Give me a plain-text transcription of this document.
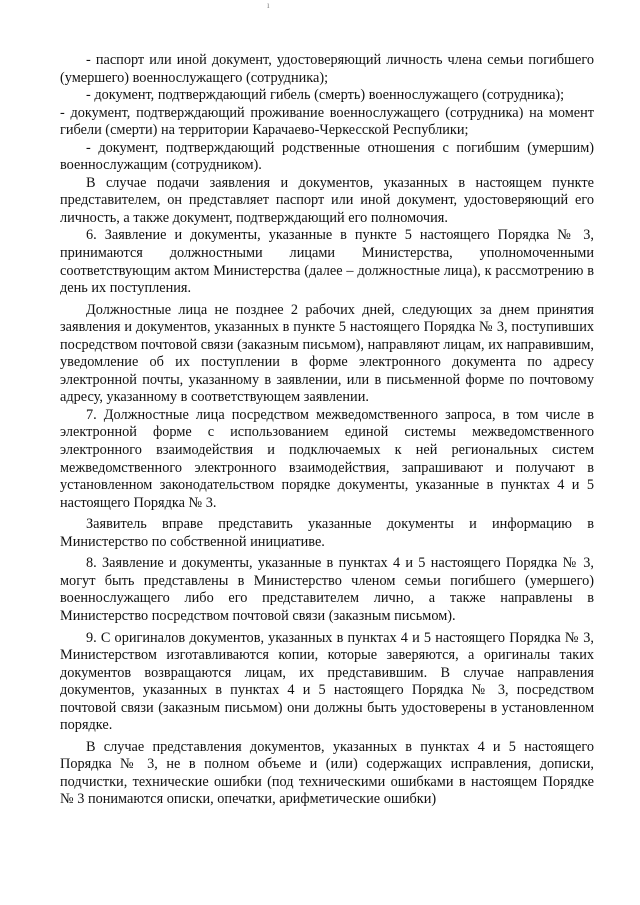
ı

- паспорт или иной документ, удостоверяющий личность члена семьи погибшего (умершего) военнослужащего (сотрудника);

- документ, подтверждающий гибель (смерть) военнослужащего (сотрудника);

- документ, подтверждающий проживание военнослужащего (сотрудника) на момент гибели (смерти) на территории Карачаево-Черкесской Республики;

- документ, подтверждающий родственные отношения с погибшим (умершим) военнослужащим (сотрудником).

В случае подачи заявления и документов, указанных в настоящем пункте представителем, он представляет паспорт или иной документ, удостоверяющий его личность, а также документ, подтверждающий его полномочия.

6. Заявление и документы, указанные в пункте 5 настоящего Порядка № 3, принимаются должностными лицами Министерства, уполномоченными соответствующим актом Министерства (далее – должностные лица), к рассмотрению в день их поступления.

Должностные лица не позднее 2 рабочих дней, следующих за днем принятия заявления и документов, указанных в пункте 5 настоящего Порядка № 3, поступивших посредством почтовой связи (заказным письмом), направляют лицам, их направившим, уведомление об их поступлении в форме электронного документа по адресу электронной почты, указанному в заявлении, или в письменной форме по почтовому адресу, указанному в соответствующем заявлении.

7. Должностные лица посредством межведомственного запроса, в том числе в электронной форме с использованием единой системы межведомственного электронного взаимодействия и подключаемых к ней региональных систем межведомственного электронного взаимодействия, запрашивают и получают в установленном законодательством порядке документы, указанные в пунктах 4 и 5 настоящего Порядка № 3.

Заявитель вправе представить указанные документы и информацию в Министерство по собственной инициативе.

8. Заявление и документы, указанные в пунктах 4 и 5 настоящего Порядка № 3, могут быть представлены в Министерство членом семьи погибшего (умершего) военнослужащего либо его представителем лично, а также направлены в Министерство посредством почтовой связи (заказным письмом).

9. С оригиналов документов, указанных в пунктах 4 и 5 настоящего Порядка № 3, Министерством изготавливаются копии, которые заверяются, а оригиналы таких документов возвращаются лицам, их представившим. В случае направления документов, указанных в пунктах 4 и 5 настоящего Порядка № 3, посредством почтовой связи (заказным письмом) они должны быть удостоверены в установленном порядке.

В случае представления документов, указанных в пунктах 4 и 5 настоящего Порядка № 3, не в полном объеме и (или) содержащих исправления, дописки, подчистки, технические ошибки (под техническими ошибками в настоящем Порядке № 3 понимаются описки, опечатки, арифметические ошибки)
